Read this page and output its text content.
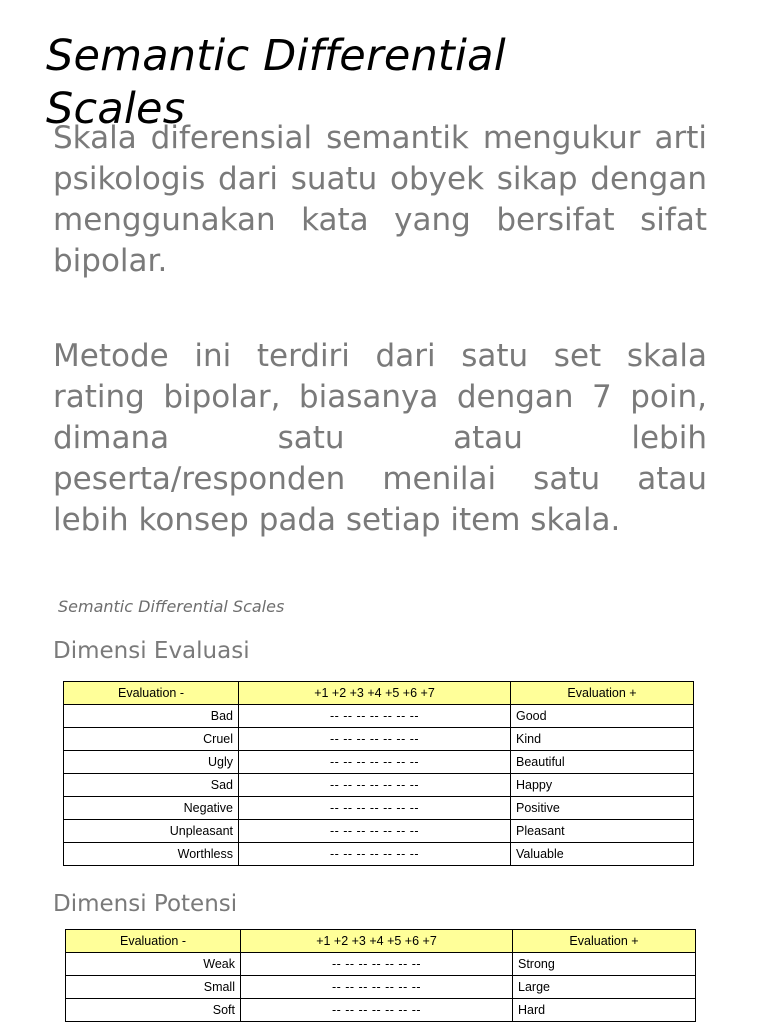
Semantic Differential Scales

Skala diferensial semantik mengukur arti psikologis dari suatu obyek sikap dengan menggunakan kata yang bersifat sifat bipolar.

Metode ini terdiri dari satu set skala rating bipolar, biasanya dengan 7 poin, dimana satu atau lebih peserta/responden menilai satu atau lebih konsep pada setiap item skala.

Semantic Differential Scales

Dimensi Evaluasi
Evaluation -	+1 +2 +3 +4 +5 +6 +7	Evaluation +
Bad	-- -- -- -- -- -- --	Good
Cruel	-- -- -- -- -- -- --	Kind
Ugly	-- -- -- -- -- -- --	Beautiful
Sad	-- -- -- -- -- -- --	Happy
Negative	-- -- -- -- -- -- --	Positive
Unpleasant	-- -- -- -- -- -- --	Pleasant
Worthless	-- -- -- -- -- -- --	Valuable
Dimensi Potensi
Evaluation -	+1 +2 +3 +4 +5 +6 +7	Evaluation +
Weak	-- -- -- -- -- -- --	Strong
Small	-- -- -- -- -- -- --	Large
Soft	-- -- -- -- -- -- --	Hard
